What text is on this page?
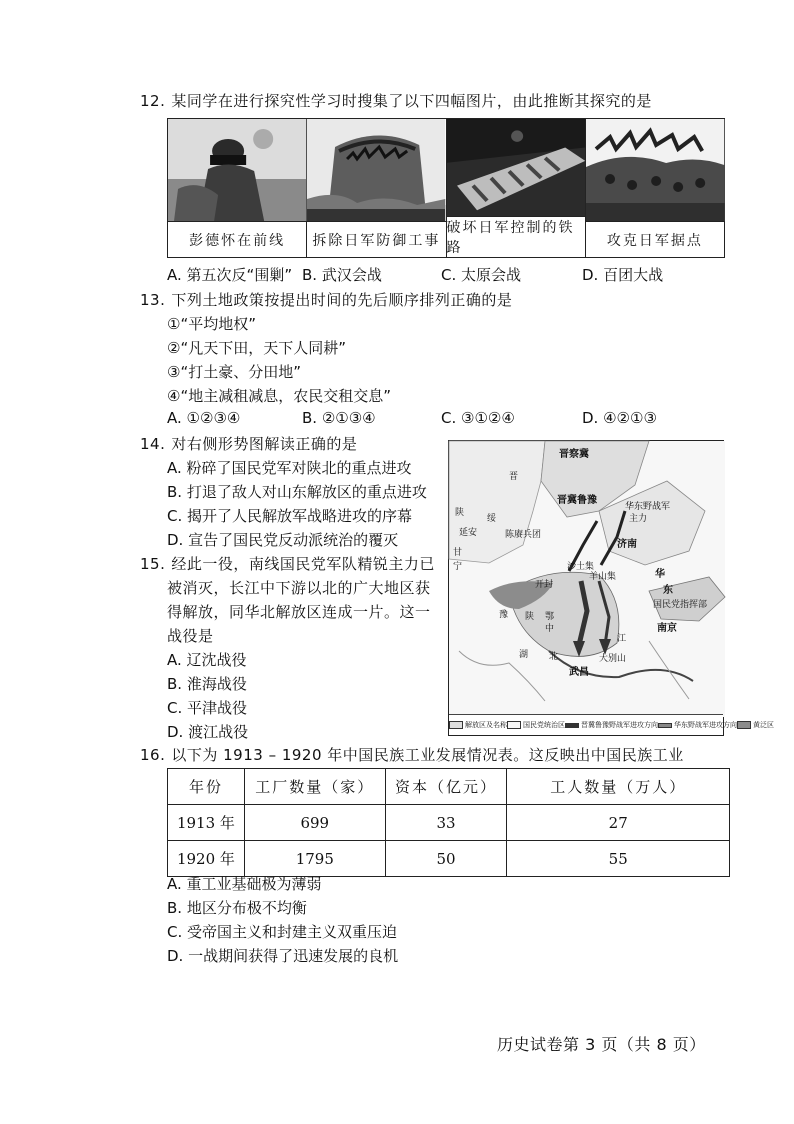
12. 某同学在进行探究性学习时搜集了以下四幅图片，由此推断其探究的是
彭德怀在前线	拆除日军防御工事
破坏日军控制的铁路	攻克日军据点
A. 第五次反“围剿” B. 武汉会战	C. 太原会战	D. 百团大战
13. 下列土地政策按提出时间的先后顺序排列正确的是
①“平均地权”
②“凡天下田，天下人同耕”
③“打土豪、分田地”
④“地主减租减息，农民交租交息”
A. ①②③④	B. ②①③④	C. ③①②④	D. ④②①③
14. 对右侧形势图解读正确的是
A. 粉碎了国民党军对陕北的重点进攻
B. 打退了敌人对山东解放区的重点进攻
C. 揭开了人民解放军战略进攻的序幕
D. 宣告了国民党反动派统治的覆灭
15. 经此一役，南线国民党军队精锐主力已
被消灭，长江中下游以北的广大地区获
得解放，同华北解放区连成一片。这一
战役是
A. 辽沈战役
B. 淮海战役
C. 平津战役
D. 渡江战役
晋察冀
晋
晋冀鲁豫
华东野战军
主力
陕
绥
延安	陈赓兵团
济南
甘
宁	沙土集
羊山集
开封
华
东
豫 陕 鄂
中
国民党指挥部
南京
大别山
江
武昌
湖 北
解放区及名称 国民党统治区 晋冀鲁豫野战军进攻方向 华东野战军进攻方向 黄泛区
16. 以下为 1913 – 1920 年中国民族工业发展情况表。这反映出中国民族工业
年份	工厂数量（家）	资本（亿元）	工人数量（万人）
1913 年	699	33	27
1920 年	1795	50	55
A. 重工业基础极为薄弱
B. 地区分布极不均衡
C. 受帝国主义和封建主义双重压迫
D. 一战期间获得了迅速发展的良机
历史试卷第 3 页（共 8 页）
